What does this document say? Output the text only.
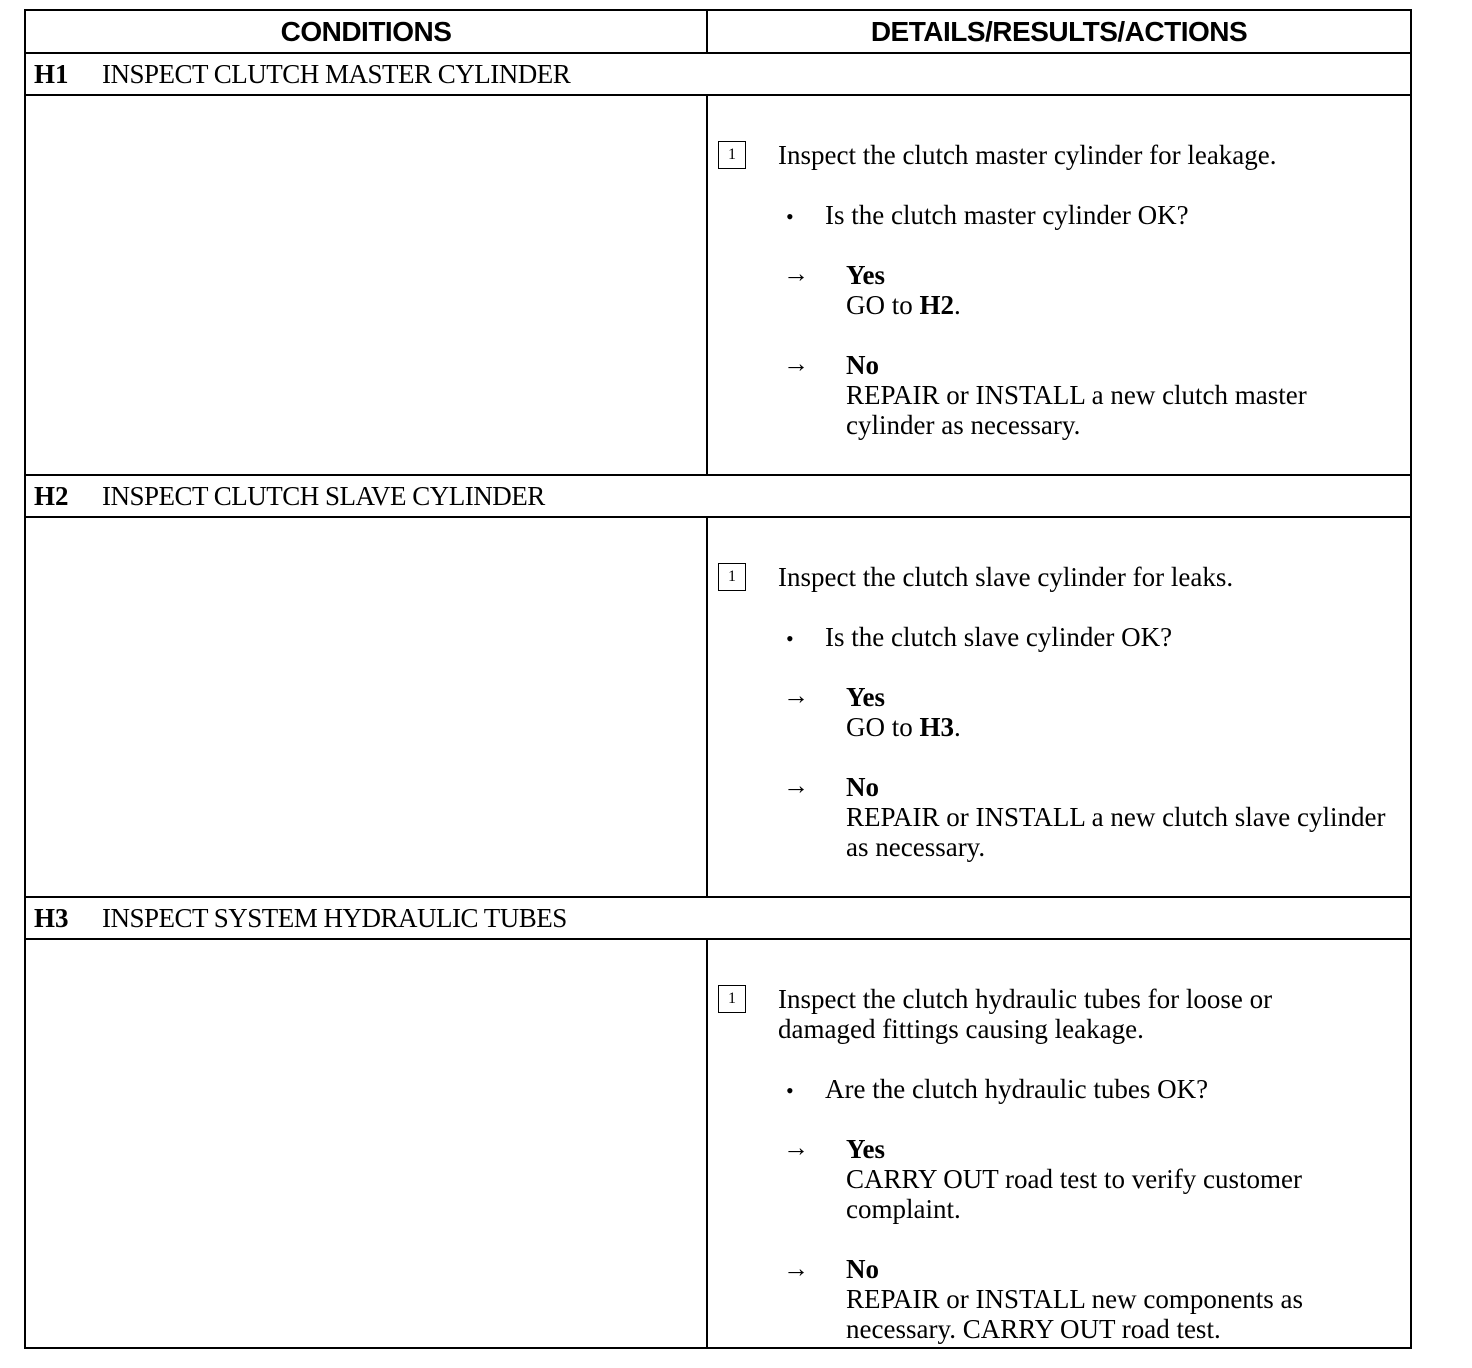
CONDITIONS	DETAILS/RESULTS/ACTIONS
H1	INSPECT CLUTCH MASTER CYLINDER
1	Inspect the clutch master cylinder for leakage.
• Is the clutch master cylinder OK?
→ Yes
GO to H2.
→ No
REPAIR or INSTALL a new clutch master cylinder as necessary.
H2	INSPECT CLUTCH SLAVE CYLINDER
1	Inspect the clutch slave cylinder for leaks.
• Is the clutch slave cylinder OK?
→ Yes
GO to H3.
→ No
REPAIR or INSTALL a new clutch slave cylinder as necessary.
H3	INSPECT SYSTEM HYDRAULIC TUBES
1	Inspect the clutch hydraulic tubes for loose or damaged fittings causing leakage.
• Are the clutch hydraulic tubes OK?
→ Yes
CARRY OUT road test to verify customer complaint.
→ No
REPAIR or INSTALL new components as necessary. CARRY OUT road test.
